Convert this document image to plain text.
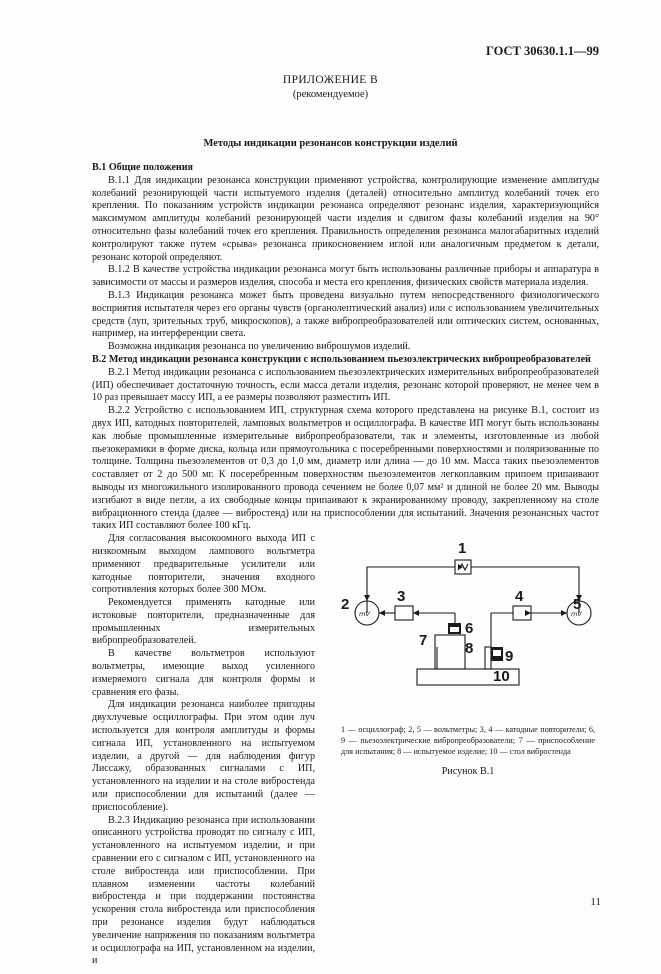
ГОСТ 30630.1.1—99
ПРИЛОЖЕНИЕ В
(рекомендуемое)
Методы индикации резонансов конструкции изделий
В.1 Общие положения

В.1.1 Для индикации резонанса конструкции применяют устройства, контролирующие изменение амплитуды колебаний резонирующей части испытуемого изделия (деталей) относительно амплитуд колебаний точек его крепления. По показаниям устройств индикации резонанса определяют резонанс изделия, характеризующийся максимумом амплитуды колебаний резонирующей части изделия и сдвигом фазы колебаний изделия на 90° относительно фазы колебаний точек его крепления. Правильность определения резонанса малогабаритных изделий контролируют также путем «срыва» резонанса прикосновением иглой или аналогичным предметом к детали, резонанс которой определяют.

В.1.2 В качестве устройства индикации резонанса могут быть использованы различные приборы и аппаратура в зависимости от массы и размеров изделия, способа и места его крепления, физических свойств материала изделия.

В.1.3 Индикация резонанса может быть проведена визуально путем непосредственного физиологического восприятия испытателя через его органы чувств (органолептический анализ) или с использованием увеличительных средств (луп, зрительных труб, микроскопов), а также вибропреобразователей или оптических систем, основанных, например, на интерференции света.

Возможна индикация резонанса по увеличению виброшумов изделий.

В.2 Метод индикации резонанса конструкции с использованием пьезоэлектрических вибропреобразователей

В.2.1 Метод индикации резонанса с использованием пьезоэлектрических измерительных вибропреобразователей (ИП) обеспечивает достаточную точность, если масса детали изделия, резонанс которой проверяют, не менее чем в 10 раз превышает массу ИП, а ее размеры позволяют разместить ИП.

В.2.2 Устройство с использованием ИП, структурная схема которого представлена на рисунке В.1, состоит из двух ИП, катодных повторителей, ламповых вольтметров и осциллографа. В качестве ИП могут быть использованы как любые промышленные измерительные вибропреобразователи, так и элементы, изготовленные из любой пьезокерамики в форме диска, кольца или прямоугольника с посеребренными поверхностями и поляризованные по толщине. Толщина пьезоэлементов от 0,3 до 1,0 мм, диаметр или длина — до 10 мм. Масса таких пьезоэлементов составляет от 2 до 500 мг. К посеребренным поверхностям пьезоэлементов легкоплавким припоем припаивают выводы из многожильного изолированного провода сечением не более 0,07 мм² и длиной не более 20 мм. Выводы изгибают в виде петли, а их свободные концы припаивают к экранированному проводу, закрепленному на столе вибрационного стенда (далее — вибростенд) или на приспособлении для испытаний. Значения резонансных частот таких ИП составляют более 100 кГц.

1
2	3	4	5
6
7	8 9
10
mV	mV
1 — осциллограф; 2, 5 — вольтметры; 3, 4 — катодные повторители; 6, 9 — пьезоэлектрические вибропреобразователи; 7 — приспособление для испытания; 8 — испытуемое изделие; 10 — стол вибростенда
Рисунок В.1

Для согласования высокоомного выхода ИП с низкоомным выходом лампового вольтметра применяют предварительные усилители или катодные повторители, значения входного сопротивления которых более 300 МОм.

Рекомендуется применять катодные или истоковые повторители, предназначенные для промышленных измерительных вибропреобразователей.

В качестве вольтметров используют вольтметры, имеющие выход усиленного измеряемого сигнала для контроля формы и сравнения его фазы.

Для индикации резонанса наиболее пригодны двухлучевые осциллографы. При этом один луч используется для контроля амплитуды и формы сигнала ИП, установленного на испытуемом изделии, а другой — для наблюдения фигур Лиссажу, образованных сигналами с ИП, установленного на изделии и на столе вибростенда или приспособлении для испытаний (далее — приспособление).

В.2.3 Индикацию резонанса при использовании описанного устройства проводят по сигналу с ИП, установленного на испытуемом изделии, и при сравнении его с сигналом с ИП, установленного на столе вибростенда или приспособлении. При плавном изменении частоты колебаний вибростенда и при поддержании постоянства ускорения стола вибростенда или приспособления при резонансе изделия будут наблюдаться увеличение напряжения по показаниям вольтметра и осциллографа на ИП, установленном на изделии, и

11
